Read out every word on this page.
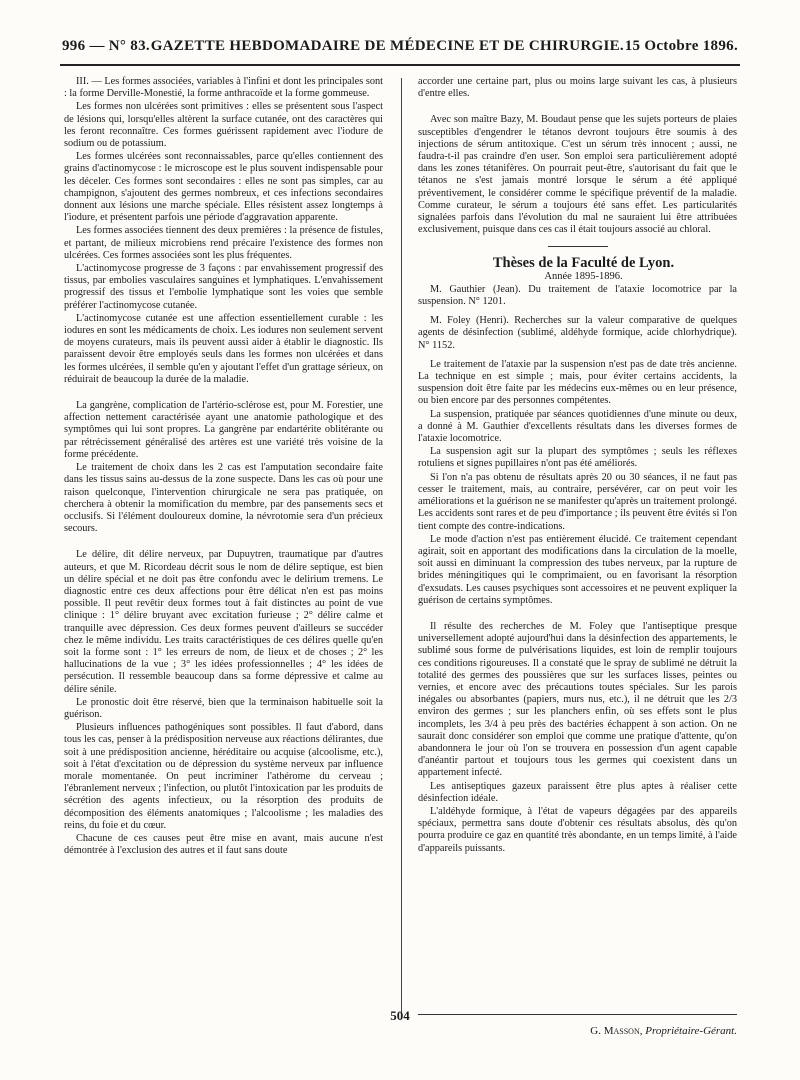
996 — N° 83. GAZETTE HEBDOMADAIRE DE MÉDECINE ET DE CHIRURGIE. 15 Octobre 1896.

III. — Les formes associées, variables à l'infini et dont les principales sont : la forme Derville-Monestié, la forme anthracoïde et la forme gommeuse.

Les formes non ulcérées sont primitives : elles se présentent sous l'aspect de lésions qui, lorsqu'elles altèrent la surface cutanée, ont des caractères qui les feront reconnaître. Ces formes guérissent rapidement avec l'iodure de sodium ou de potassium.

Les formes ulcérées sont reconnaissables, parce qu'elles contiennent des grains d'actinomycose : le microscope est le plus souvent indispensable pour les déceler. Ces formes sont secondaires : elles ne sont pas simples, car au champignon, s'ajoutent des germes nombreux, et ces infections secondaires donnent aux lésions une marche spéciale. Elles résistent assez longtemps à l'iodure, et présentent parfois une période d'aggravation apparente.

Les formes associées tiennent des deux premières : la présence de fistules, et partant, de milieux microbiens rend précaire l'existence des formes non ulcérées. Ces formes associées sont les plus fréquentes.

L'actinomycose progresse de 3 façons : par envahissement progressif des tissus, par embolies vasculaires sanguines et lymphatiques. L'envahissement progressif des tissus et l'embolie lymphatique sont les voies que semble préférer l'actinomycose cutanée.

L'actinomycose cutanée est une affection essentiellement curable : les iodures en sont les médicaments de choix. Les iodures non seulement servent de moyens curateurs, mais ils peuvent aussi aider à établir le diagnostic. Ils paraissent devoir être employés seuls dans les formes non ulcérées et dans les formes ulcérées, il semble qu'en y ajoutant l'effet d'un grattage sérieux, on réduirait de beaucoup la durée de la maladie.

La gangrène, complication de l'artério-sclérose est, pour M. Forestier, une affection nettement caractérisée ayant une anatomie pathologique et des symptômes qui lui sont propres. La gangrène par endartérite oblitérante ou par rétrécissement généralisé des artères est une variété très voisine de la forme précédente.

Le traitement de choix dans les 2 cas est l'amputation secondaire faite dans les tissus sains au-dessus de la zone suspecte. Dans les cas où pour une raison quelconque, l'intervention chirurgicale ne sera pas pratiquée, on cherchera à obtenir la momification du membre, par des pansements secs et occlusifs. Si l'élément douloureux domine, la névrotomie sera d'un précieux secours.

Le délire, dit délire nerveux, par Dupuytren, traumatique par d'autres auteurs, et que M. Ricordeau décrit sous le nom de délire septique, est bien un délire spécial et ne doit pas être confondu avec le delirium tremens. Le diagnostic entre ces deux affections pour être délicat n'en est pas moins possible. Il peut revêtir deux formes tout à fait distinctes au point de vue clinique : 1° délire bruyant avec excitation furieuse ; 2° délire calme et tranquille avec dépression. Ces deux formes peuvent d'ailleurs se succéder chez le même individu. Les traits caractéristiques de ces délires quelle qu'en soit la forme sont : 1° les erreurs de nom, de lieux et de choses ; 2° les hallucinations de la vue ; 3° les idées professionnelles ; 4° les idées de persécution. Il ressemble beaucoup dans sa forme dépressive et calme au délire sénile.

Le pronostic doit être réservé, bien que la terminaison habituelle soit la guérison.

Plusieurs influences pathogéniques sont possibles. Il faut d'abord, dans tous les cas, penser à la prédisposition nerveuse aux réactions délirantes, due soit à une prédisposition ancienne, héréditaire ou acquise (alcoolisme, etc.), soit à l'état d'excitation ou de dépression du système nerveux par influence morale momentanée. On peut incriminer l'athérome du cerveau ; l'ébranlement nerveux ; l'infection, ou plutôt l'intoxication par les produits de sécrétion des agents infectieux, ou la résorption des produits de décomposition des éléments anatomiques ; l'alcoolisme ; les maladies des reins, du foie et du cœur.

Chacune de ces causes peut être mise en avant, mais aucune n'est démontrée à l'exclusion des autres et il faut sans doute

accorder une certaine part, plus ou moins large suivant les cas, à plusieurs d'entre elles.

Avec son maître Bazy, M. Boudaut pense que les sujets porteurs de plaies susceptibles d'engendrer le tétanos devront toujours être soumis à des injections de sérum antitoxique. C'est un sérum très innocent ; aussi, ne faudra-t-il pas craindre d'en user. Son emploi sera particulièrement adopté dans les zones tétanifères. On pourrait peut-être, s'autorisant du fait que le tétanos ne s'est jamais montré lorsque le sérum a été appliqué préventivement, le considérer comme le spécifique préventif de la maladie. Comme curateur, le sérum a toujours été sans effet. Les particularités signalées parfois dans l'évolution du mal ne sauraient lui être attribuées exclusivement, puisque dans ces cas il était toujours associé au chloral.

Thèses de la Faculté de Lyon.

Année 1895-1896.

M. Gauthier (Jean). Du traitement de l'ataxie locomotrice par la suspension. N° 1201.

M. Foley (Henri). Recherches sur la valeur comparative de quelques agents de désinfection (sublimé, aldéhyde formique, acide chlorhydrique). N° 1152.

Le traitement de l'ataxie par la suspension n'est pas de date très ancienne. La technique en est simple ; mais, pour éviter certains accidents, la suspension doit être faite par les médecins eux-mêmes ou en leur présence, ou bien encore par des personnes compétentes.

La suspension, pratiquée par séances quotidiennes d'une minute ou deux, a donné à M. Gauthier d'excellents résultats dans les diverses formes de l'ataxie locomotrice.

La suspension agit sur la plupart des symptômes ; seuls les réflexes rotuliens et signes pupillaires n'ont pas été améliorés.

Si l'on n'a pas obtenu de résultats après 20 ou 30 séances, il ne faut pas cesser le traitement, mais, au contraire, persévérer, car on peut voir les améliorations et la guérison ne se manifester qu'après un traitement prolongé. Les accidents sont rares et de peu d'importance ; ils peuvent être évités si l'on tient compte des contre-indications.

Le mode d'action n'est pas entièrement élucidé. Ce traitement cependant agirait, soit en apportant des modifications dans la circulation de la moelle, soit aussi en diminuant la compression des tubes nerveux, par la rupture de brides méningitiques qui le comprimaient, ou en favorisant la résorption d'exsudats. Les causes psychiques sont accessoires et ne peuvent expliquer la guérison de certains symptômes.

Il résulte des recherches de M. Foley que l'antiseptique presque universellement adopté aujourd'hui dans la désinfection des appartements, le sublimé sous forme de pulvérisations liquides, est loin de remplir toujours ces conditions rigoureuses. Il a constaté que le spray de sublimé ne détruit la totalité des germes des poussières que sur les surfaces lisses, peintes ou vernies, et encore avec des précautions toutes spéciales. Sur les parois inégales ou absorbantes (papiers, murs nus, etc.), il ne détruit que les 2/3 environ des germes ; sur les planchers enfin, où ses effets sont le plus incomplets, les 3/4 à peu près des bactéries échappent à son action. On ne saurait donc considérer son emploi que comme une pratique d'attente, qu'on abandonnera le jour où l'on se trouvera en possession d'un agent capable d'anéantir partout et toujours tous les germes qui coexistent dans un appartement infecté.

Les antiseptiques gazeux paraissent être plus aptes à réaliser cette désinfection idéale.

L'aldéhyde formique, à l'état de vapeurs dégagées par des appareils spéciaux, permettra sans doute d'obtenir ces résultats absolus, dès qu'on pourra produire ce gaz en quantité très abondante, en un temps limité, à l'aide d'appareils puissants.

G. Masson, Propriétaire-Gérant.
504
